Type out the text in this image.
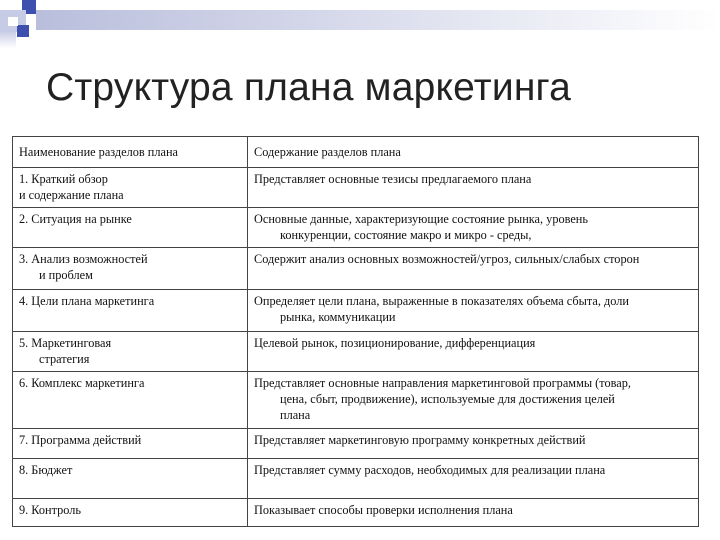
Структура плана маркетинга
Наименование разделов плана	Содержание разделов плана

1. Краткий обзор
и содержание плана	Представляет основные тезисы предлагаемого плана

2. Ситуация на рынке	Основные данные, характеризующие состояние рынка, уровень
конкуренции, состояние макро и микро - среды,

3. Анализ возможностей
и проблем	Содержит анализ основных возможностей/угроз, сильных/слабых сторон

4. Цели плана маркетинга	Определяет цели плана, выраженные в показателях объема сбыта, доли
рынка, коммуникации

5. Маркетинговая
стратегия	Целевой рынок, позиционирование, дифференциация

6. Комплекс маркетинга	Представляет основные направления маркетинговой программы (товар,
цена, сбыт, продвижение), используемые для достижения целей
плана

7. Программа действий	Представляет маркетинговую программу конкретных действий

8. Бюджет	Представляет сумму расходов, необходимых для реализации плана

9. Контроль	Показывает способы проверки исполнения плана
